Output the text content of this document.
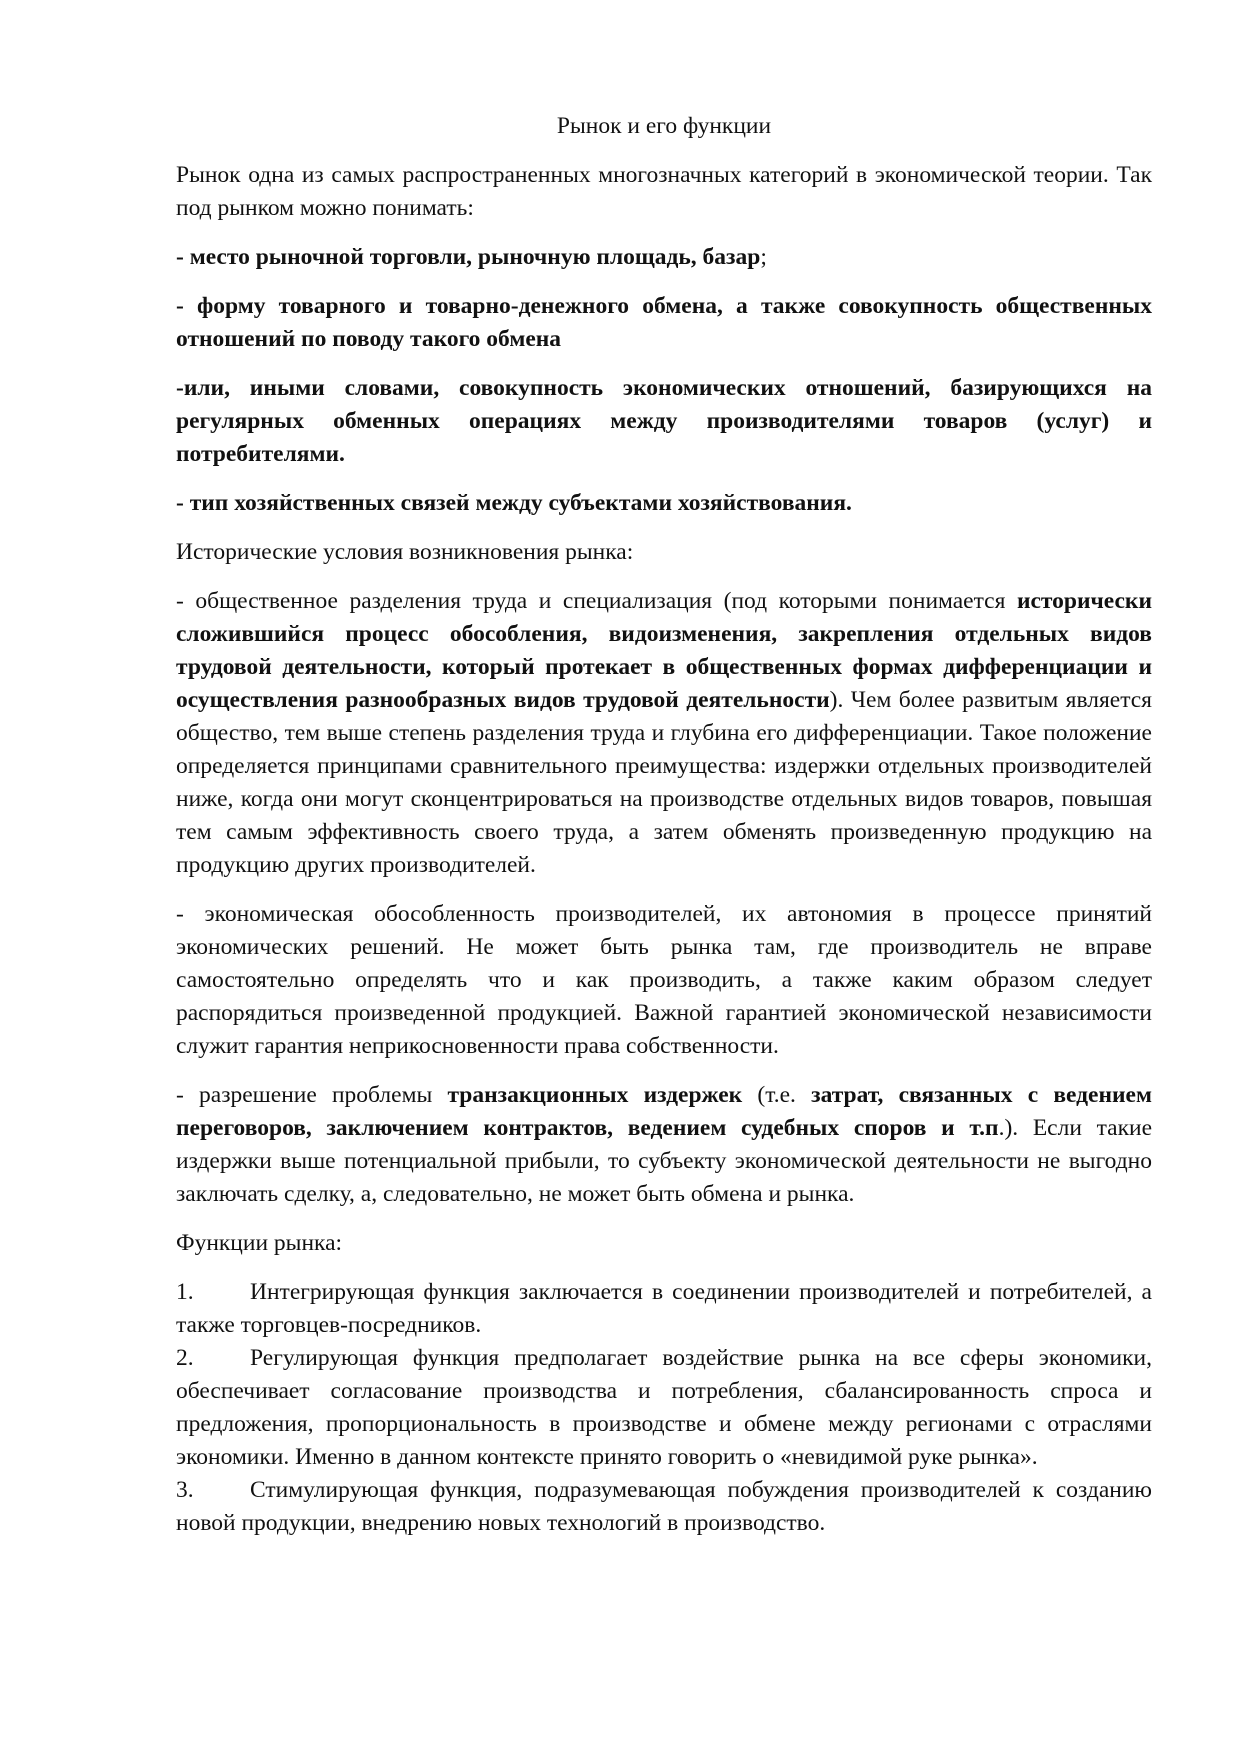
Рынок и его функции

Рынок одна из самых распространенных многозначных категорий в экономической теории. Так под рынком можно понимать:

- место рыночной торговли, рыночную площадь, базар;

- форму товарного и товарно-денежного обмена, а также совокупность общественных отношений по поводу такого обмена

-или, иными словами, совокупность экономических отношений, базирующихся на регулярных обменных операциях между производителями товаров (услуг) и потребителями.

- тип хозяйственных связей между субъектами хозяйствования.

Исторические условия возникновения рынка:

- общественное разделения труда и специализация (под которыми понимается исторически сложившийся процесс обособления, видоизменения, закрепления отдельных видов трудовой деятельности, который протекает в общественных формах дифференциации и осуществления разнообразных видов трудовой деятельности). Чем более развитым является общество, тем выше степень разделения труда и глубина его дифференциации. Такое положение определяется принципами сравнительного преимущества: издержки отдельных производителей ниже, когда они могут сконцентрироваться на производстве отдельных видов товаров, повышая тем самым эффективность своего труда, а затем обменять произведенную продукцию на продукцию других производителей.

- экономическая обособленность производителей, их автономия в процессе принятий экономических решений. Не может быть рынка там, где производитель не вправе самостоятельно определять что и как производить, а также каким образом следует распорядиться произведенной продукцией. Важной гарантией экономической независимости служит гарантия неприкосновенности права собственности.

- разрешение проблемы транзакционных издержек (т.е. затрат, связанных с ведением переговоров, заключением контрактов, ведением судебных споров и т.п.). Если такие издержки выше потенциальной прибыли, то субъекту экономической деятельности не выгодно заключать сделку, а, следовательно, не может быть обмена и рынка.

Функции рынка:

1. Интегрирующая функция заключается в соединении производителей и потребителей, а также торговцев-посредников.
2. Регулирующая функция предполагает воздействие рынка на все сферы экономики, обеспечивает согласование производства и потребления, сбалансированность спроса и предложения, пропорциональность в производстве и обмене между регионами с отраслями экономики. Именно в данном контексте принято говорить о «невидимой руке рынка».
3. Стимулирующая функция, подразумевающая побуждения производителей к созданию новой продукции, внедрению новых технологий в производство.
